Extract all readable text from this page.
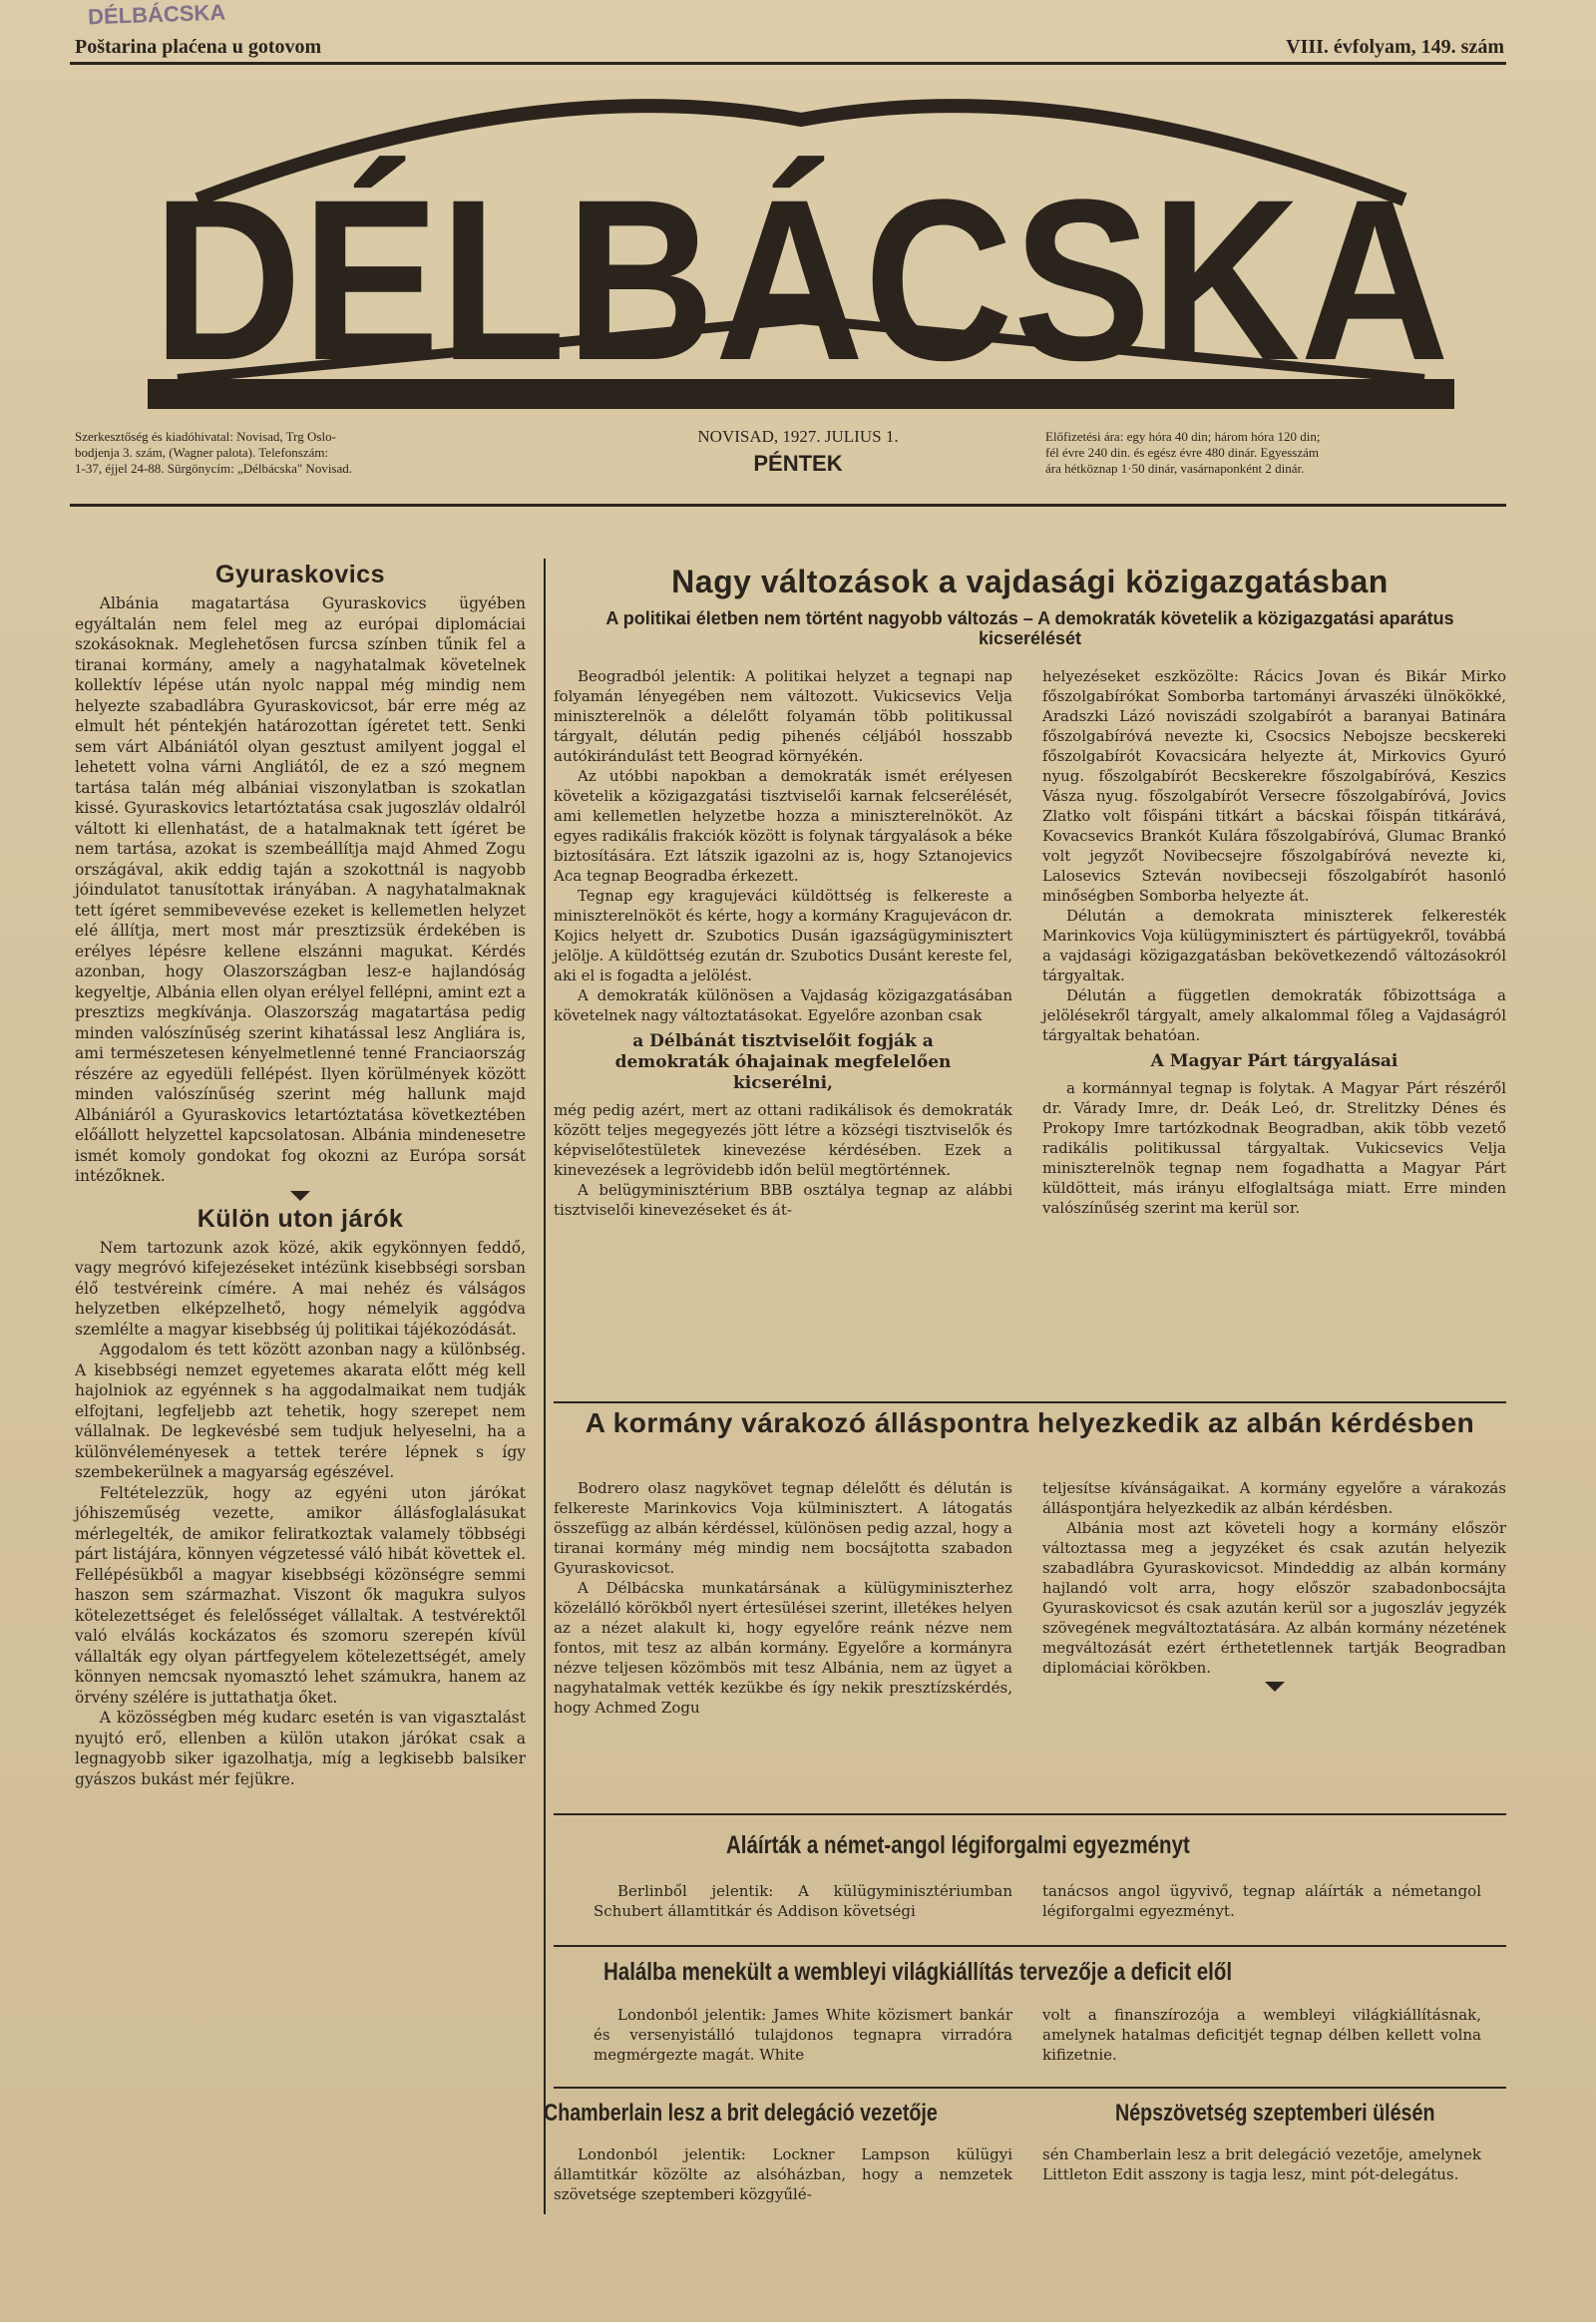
DÉLBÁCSKA
Poštarina plaćena u gotovom	VIII. évfolyam, 149. szám
DÉLBÁCSKA
Szerkesztőség és kiadóhivatal: Novisad, Trg Oslo-
bodjenja 3. szám, (Wagner palota). Telefonszám:
1-37, éjjel 24-88. Sürgönycím: „Délbácska" Novisad.
NOVISAD, 1927. JULIUS 1.
PÉNTEK
Előfizetési ára: egy hóra 40 din; három hóra 120 din;
fél évre 240 din. és egész évre 480 dinár. Egyesszám
ára hétköznap 1·50 dinár, vasárnaponként 2 dinár.
Gyuraskovics

Albánia magatartása Gyuraskovics ügyében egyáltalán nem felel meg az európai diplomáciai szokásoknak. Meglehetősen furcsa színben tűnik fel a tiranai kormány, amely a nagyhatalmak követelnek kollektív lépése után nyolc nappal még mindig nem helyezte szabadlábra Gyuraskovicsot, bár erre még az elmult hét péntekjén határozottan ígéretet tett. Senki sem várt Albániától olyan gesztust amilyent joggal el lehetett volna várni Angliától, de ez a szó megnem tartása talán még albániai viszonylatban is szokatlan kissé. Gyuraskovics letartóztatása csak jugoszláv oldalról váltott ki ellenhatást, de a hatalmaknak tett ígéret be nem tartása, azokat is szembeállítja majd Ahmed Zogu országával, akik eddig taján a szokottnál is nagyobb jóindulatot tanusítottak irányában. A nagyhatalmaknak tett ígéret semmibevevése ezeket is kellemetlen helyzet elé állítja, mert most már presztizsük érdekében is erélyes lépésre kellene elszánni magukat. Kérdés azonban, hogy Olaszországban lesz-e hajlandóság kegyeltje, Albánia ellen olyan erélyel fellépni, amint ezt a presztizs megkívánja. Olaszország magatartása pedig minden valószínűség szerint kihatással lesz Angliára is, ami természetesen kényelmetlenné tenné Franciaország részére az egyedüli fellépést. Ilyen körülmények között minden valószínűség szerint még hallunk majd Albániáról a Gyuraskovics letartóztatása következtében előállott helyzettel kapcsolatosan. Albánia mindenesetre ismét komoly gondokat fog okozni az Európa sorsát intézőknek.

Külön uton járók

Nem tartozunk azok közé, akik egykönnyen feddő, vagy megróvó kifejezéseket intézünk kisebbségi sorsban élő testvéreink címére. A mai nehéz és válságos helyzetben elképzelhető, hogy némelyik aggódva szemlélte a magyar kisebbség új politikai tájékozódását.

Aggodalom és tett között azonban nagy a különbség. A kisebbségi nemzet egyetemes akarata előtt még kell hajolniok az egyénnek s ha aggodalmaikat nem tudják elfojtani, legfeljebb azt tehetik, hogy szerepet nem vállalnak. De legkevésbé sem tudjuk helyeselni, ha a különvéleményesek a tettek terére lépnek s így szembekerülnek a magyarság egészével.

Feltételezzük, hogy az egyéni uton járókat jóhiszeműség vezette, amikor állásfoglalásukat mérlegelték, de amikor feliratkoztak valamely többségi párt listájára, könnyen végzetessé váló hibát követtek el. Fellépésükből a magyar kisebbségi közönségre semmi haszon sem származhat. Viszont ők magukra sulyos kötelezettséget és felelősséget vállaltak. A testvérektől való elválás kockázatos és szomoru szerepén kívül vállalták egy olyan pártfegyelem kötelezettségét, amely könnyen nemcsak nyomasztó lehet számukra, hanem az örvény szélére is juttathatja őket.

A közösségben még kudarc esetén is van vigasztalást nyujtó erő, ellenben a külön utakon járókat csak a legnagyobb siker igazolhatja, míg a legkisebb balsiker gyászos bukást mér fejükre.

Nagy változások a vajdasági közigazgatásban
A politikai életben nem történt nagyobb változás – A demokraták követelik a közigazgatási aparátus kicserélését

Beogradból jelentik: A politikai helyzet a tegnapi nap folyamán lényegében nem változott. Vukicsevics Velja miniszterelnök a délelőtt folyamán több politikussal tárgyalt, délután pedig pihenés céljából hosszabb autókirándulást tett Beograd környékén.

Az utóbbi napokban a demokraták ismét erélyesen követelik a közigazgatási tisztviselői karnak felcserélését, ami kellemetlen helyzetbe hozza a miniszterelnököt. Az egyes radikális frakciók között is folynak tárgyalások a béke biztosítására. Ezt látszik igazolni az is, hogy Sztanojevics Aca tegnap Beogradba érkezett.

Tegnap egy kragujeváci küldöttség is felkereste a miniszterelnököt és kérte, hogy a kormány Kragujevácon dr. Kojics helyett dr. Szubotics Dusán igazságügyminisztert jelölje. A küldöttség ezután dr. Szubotics Dusánt kereste fel, aki el is fogadta a jelölést.

A demokraták különösen a Vajdaság közigazgatásában követelnek nagy változtatásokat. Egyelőre azonban csak

a Délbánát tisztviselőit fogják a demokraták óhajainak megfelelően kicserélni,

még pedig azért, mert az ottani radikálisok és demokraták között teljes megegyezés jött létre a községi tisztviselők és képviselőtestületek kinevezése kérdésében. Ezek a kinevezések a legrövidebb időn belül megtörténnek.

A belügyminisztérium BBB osztálya tegnap az alábbi tisztviselői kinevezéseket és át-

helyezéseket eszközölte: Rácics Jovan és Bikár Mirko főszolgabírókat Somborba tartományi árvaszéki ülnökökké, Aradszki Lázó noviszádi szolgabírót a baranyai Batinára főszolgabíróvá nevezte ki, Csocsics Nebojsze becskereki főszolgabírót Kovacsicára helyezte át, Mirkovics Gyuró nyug. főszolgabírót Becskerekre főszolgabíróvá, Keszics Vásza nyug. főszolgabírót Versecre főszolgabíróvá, Jovics Zlatko volt főispáni titkárt a bácskai főispán titkárává, Kovacsevics Brankót Kulára főszolgabíróvá, Glumac Brankó volt jegyzőt Novibecsejre főszolgabíróvá nevezte ki, Lalosevics Szteván novibecseji főszolgabírót hasonló minőségben Somborba helyezte át.

Délután a demokrata miniszterek felkeresték Marinkovics Voja külügyminisztert és pártügyekről, továbbá a vajdasági közigazgatásban bekövetkezendő változásokról tárgyaltak.

Délután a független demokraták főbizottsága a jelölésekről tárgyalt, amely alkalommal főleg a Vajdaságról tárgyaltak behatóan.

A Magyar Párt tárgyalásai

a kormánnyal tegnap is folytak. A Magyar Párt részéről dr. Várady Imre, dr. Deák Leó, dr. Strelitzky Dénes és Prokopy Imre tartózkodnak Beogradban, akik több vezető radikális politikussal tárgyaltak. Vukicsevics Velja miniszterelnök tegnap nem fogadhatta a Magyar Párt küldötteit, más irányu elfoglaltsága miatt. Erre minden valószínűség szerint ma kerül sor.

A kormány várakozó álláspontra helyezkedik az albán kérdésben

Bodrero olasz nagykövet tegnap délelőtt és délután is felkereste Marinkovics Voja külminisztert. A látogatás összefügg az albán kérdéssel, különösen pedig azzal, hogy a tiranai kormány még mindig nem bocsájtotta szabadon Gyuraskovicsot.

A Délbácska munkatársának a külügyminiszterhez közelálló körökből nyert értesülései szerint, illetékes helyen az a nézet alakult ki, hogy egyelőre reánk nézve nem fontos, mit tesz az albán kormány. Egyelőre a kormányra nézve teljesen közömbös mit tesz Albánia, nem az ügyet a nagyhatalmak vették kezükbe és így nekik presztízskérdés, hogy Achmed Zogu

teljesítse kívánságaikat. A kormány egyelőre a várakozás álláspontjára helyezkedik az albán kérdésben.

Albánia most azt követeli hogy a kormány először változtassa meg a jegyzéket és csak azután helyezik szabadlábra Gyuraskovicsot. Mindeddig az albán kormány hajlandó volt arra, hogy először szabadonbocsájta Gyuraskovicsot és csak azután kerül sor a jugoszláv jegyzék szövegének megváltoztatására. Az albán kormány nézetének megváltozását ezért érthetetlennek tartják Beogradban diplomáciai körökben.

Aláírták a német-angol légiforgalmi egyezményt

Berlinből jelentik: A külügyminisztériumban Schubert államtitkár és Addison követségi

tanácsos angol ügyvivő, tegnap aláírták a németangol légiforgalmi egyezményt.

Halálba menekült a wembleyi világkiállítás tervezője a deficit elől

Londonból jelentik: James White közismert bankár és versenyistálló tulajdonos tegnapra virradóra megmérgezte magát. White

volt a finanszírozója a wembleyi világkiállításnak, amelynek hatalmas deficitjét tegnap délben kellett volna kifizetnie.

Chamberlain lesz a brit delegáció vezetője	Népszövetség szeptemberi ülésén

Londonból jelentik: Lockner Lampson külügyi államtitkár közölte az alsóházban, hogy a nemzetek szövetsége szeptemberi közgyűlé-

sén Chamberlain lesz a brit delegáció vezetője, amelynek Littleton Edit asszony is tagja lesz, mint pót-delegátus.
